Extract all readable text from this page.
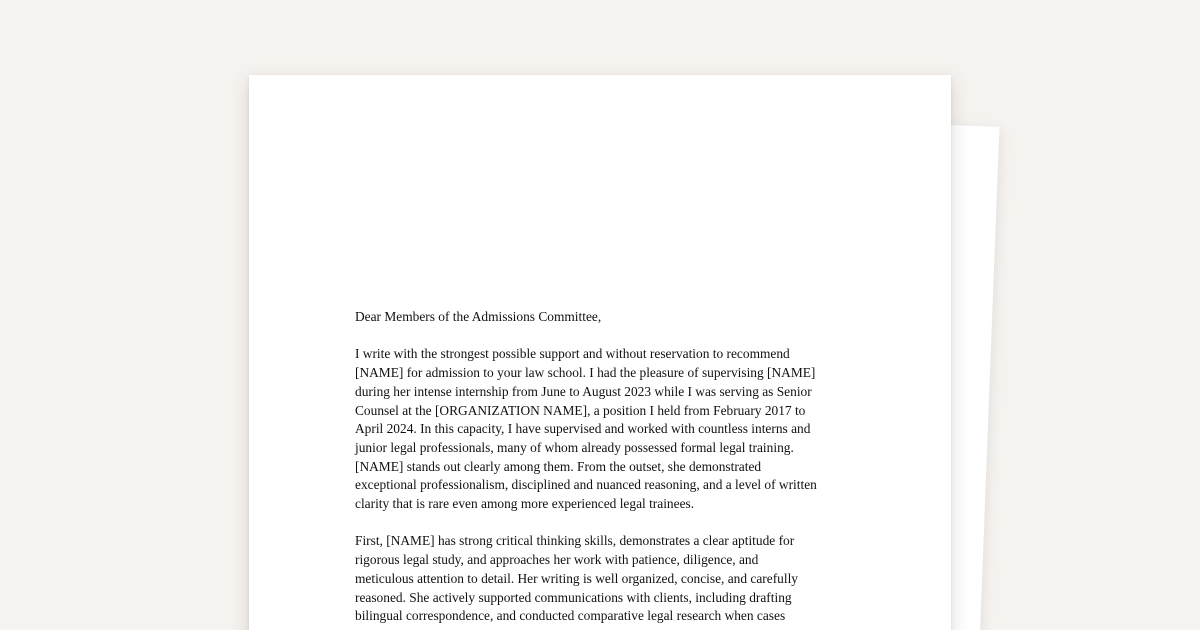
Dear Members of the Admissions Committee,

I write with the strongest possible support and without reservation to recommend
[NAME] for admission to your law school. I had the pleasure of supervising [NAME]
during her intense internship from June to August 2023 while I was serving as Senior
Counsel at the [ORGANIZATION NAME], a position I held from February 2017 to
April 2024. In this capacity, I have supervised and worked with countless interns and
junior legal professionals, many of whom already possessed formal legal training.
[NAME] stands out clearly among them. From the outset, she demonstrated
exceptional professionalism, disciplined and nuanced reasoning, and a level of written
clarity that is rare even among more experienced legal trainees.

First, [NAME] has strong critical thinking skills, demonstrates a clear aptitude for
rigorous legal study, and approaches her work with patience, diligence, and
meticulous attention to detail. Her writing is well organized, concise, and carefully
reasoned. She actively supported communications with clients, including drafting
bilingual correspondence, and conducted comparative legal research when cases
